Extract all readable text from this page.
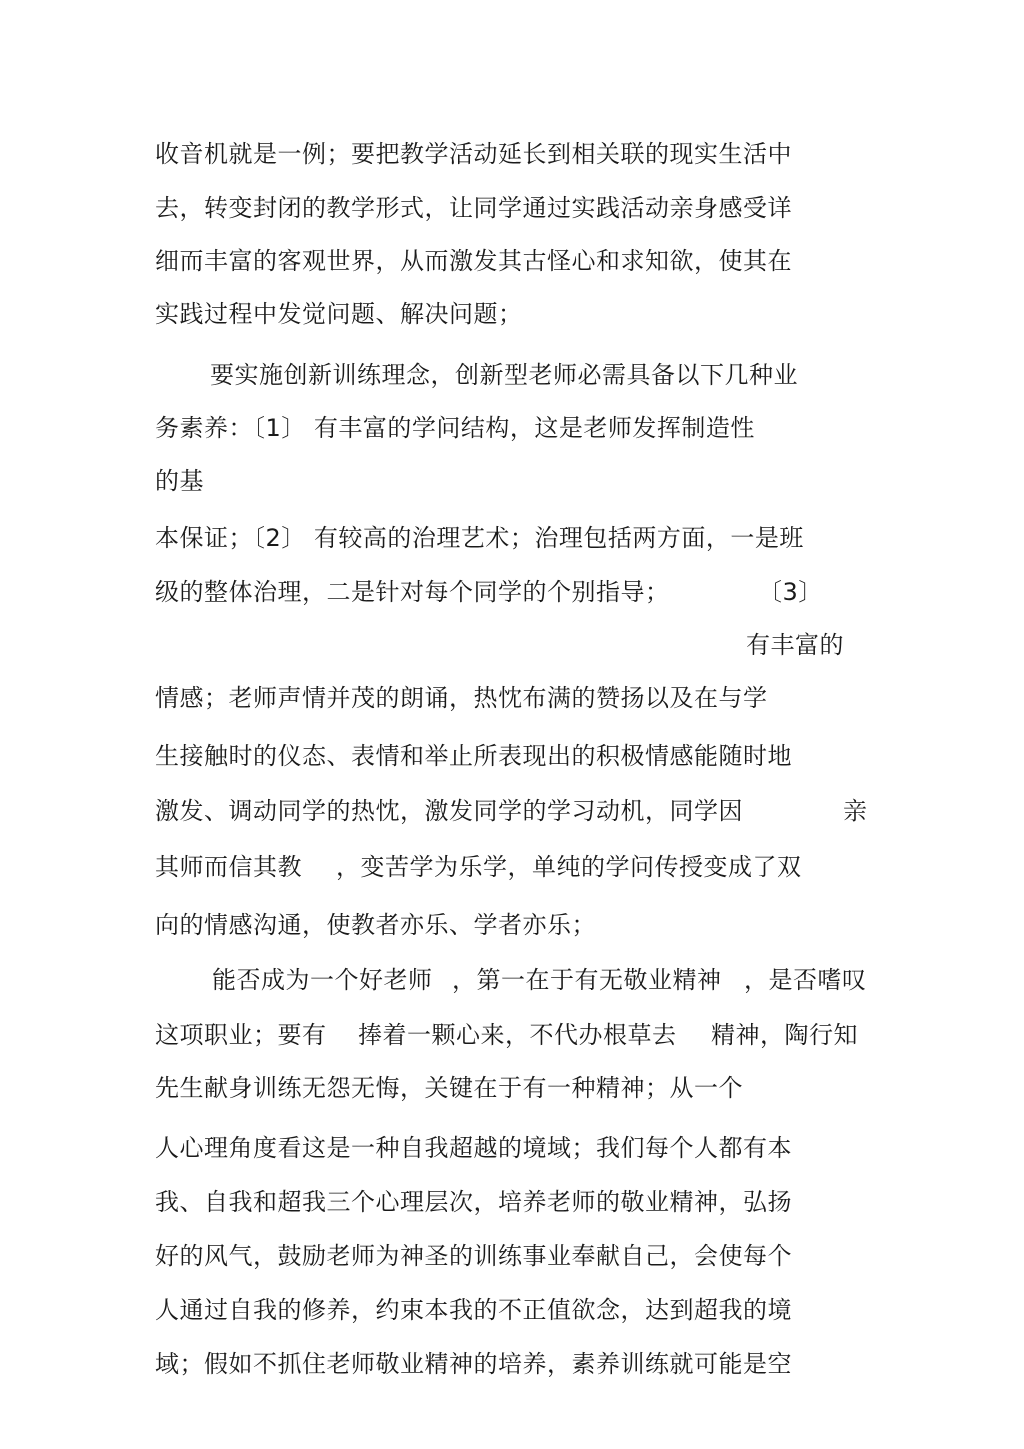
收音机就是一例；要把教学活动延长到相关联的现实生活中
去，转变封闭的教学形式，让同学通过实践活动亲身感受详
细而丰富的客观世界，从而激发其古怪心和求知欲，使其在
实践过程中发觉问题、解决问题；
要实施创新训练理念，创新型老师必需具备以下几种业
务素养：〔1〕 有丰富的学问结构，这是老师发挥制造性
的基
本保证；〔2〕 有较高的治理艺术；治理包括两方面，一是班
级的整体治理，二是针对每个同学的个别指导；	〔3〕
有丰富的
情感；老师声情并茂的朗诵，热忱布满的赞扬以及在与学
生接触时的仪态、表情和举止所表现出的积极情感能随时地
激发、调动同学的热忱，激发同学的学习动机，同学因	亲
其师而信其教 ，变苦学为乐学，单纯的学问传授变成了双
向的情感沟通，使教者亦乐、学者亦乐；
能否成为一个好老师 ，第一在于有无敬业精神 ，是否嗜叹
这项职业；要有 捧着一颗心来，不代办根草去 精神，陶行知
先生献身训练无怨无悔，关键在于有一种精神；从一个
人心理角度看这是一种自我超越的境域；我们每个人都有本
我、自我和超我三个心理层次，培养老师的敬业精神，弘扬
好的风气，鼓励老师为神圣的训练事业奉献自己，会使每个
人通过自我的修养，约束本我的不正值欲念，达到超我的境
域；假如不抓住老师敬业精神的培养，素养训练就可能是空
